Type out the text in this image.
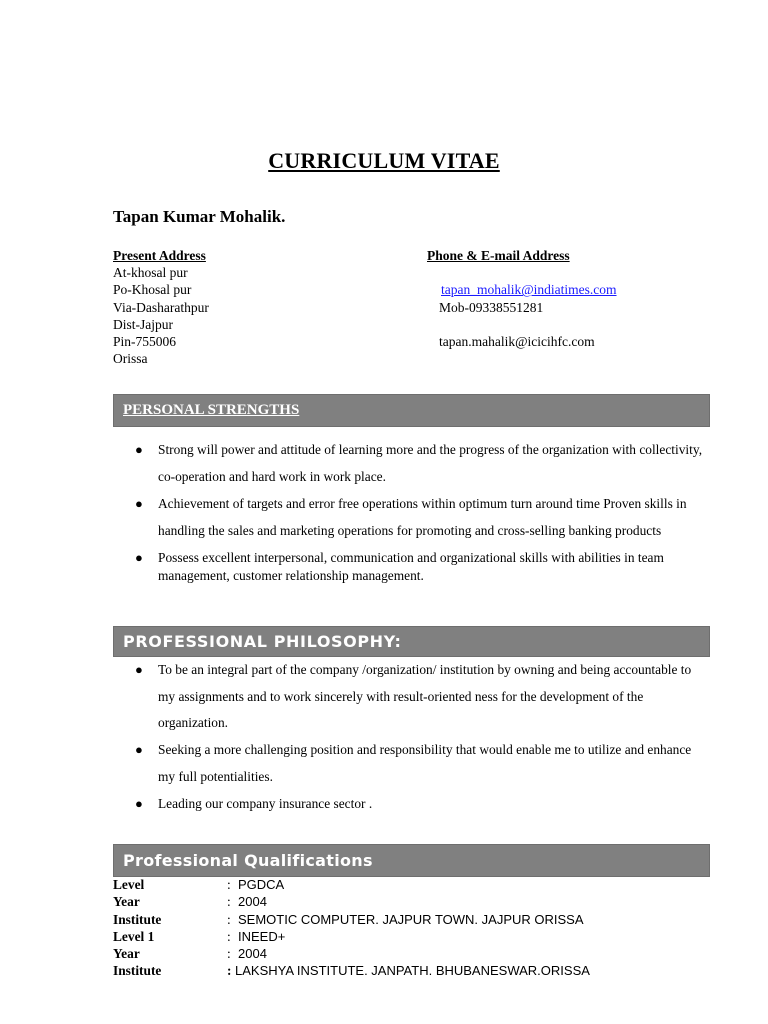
CURRICULUM VITAE
Tapan Kumar Mohalik.
Present Address
At-khosal pur
Po-Khosal pur
Via-Dasharathpur
Dist-Jajpur
Pin-755006
Orissa
Phone & E-mail Address

tapan_mohalik@indiatimes.com
Mob-09338551281

tapan.mahalik@icicihfc.com
PERSONAL STRENGTHS
● Strong will power and attitude of learning more and the progress of the organization with collectivity, co-operation and hard work in work place.
● Achievement of targets and error free operations within optimum turn around time Proven skills in handling the sales and marketing operations for promoting and cross-selling banking products
● Possess excellent interpersonal, communication and organizational skills with abilities in team management, customer relationship management.
PROFESSIONAL PHILOSOPHY:
● To be an integral part of the company /organization/ institution by owning and being accountable to my assignments and to work sincerely with result-oriented ness for the development of the organization.
● Seeking a more challenging position and responsibility that would enable me to utilize and enhance my full potentialities.
● Leading our company insurance sector .
Professional Qualifications
Level	: PGDCA
Year	: 2004
Institute	: SEMOTIC COMPUTER. JAJPUR TOWN. JAJPUR ORISSA
Level 1	: INEED+
Year	: 2004
Institute	: LAKSHYA INSTITUTE. JANPATH. BHUBANESWAR.ORISSA
